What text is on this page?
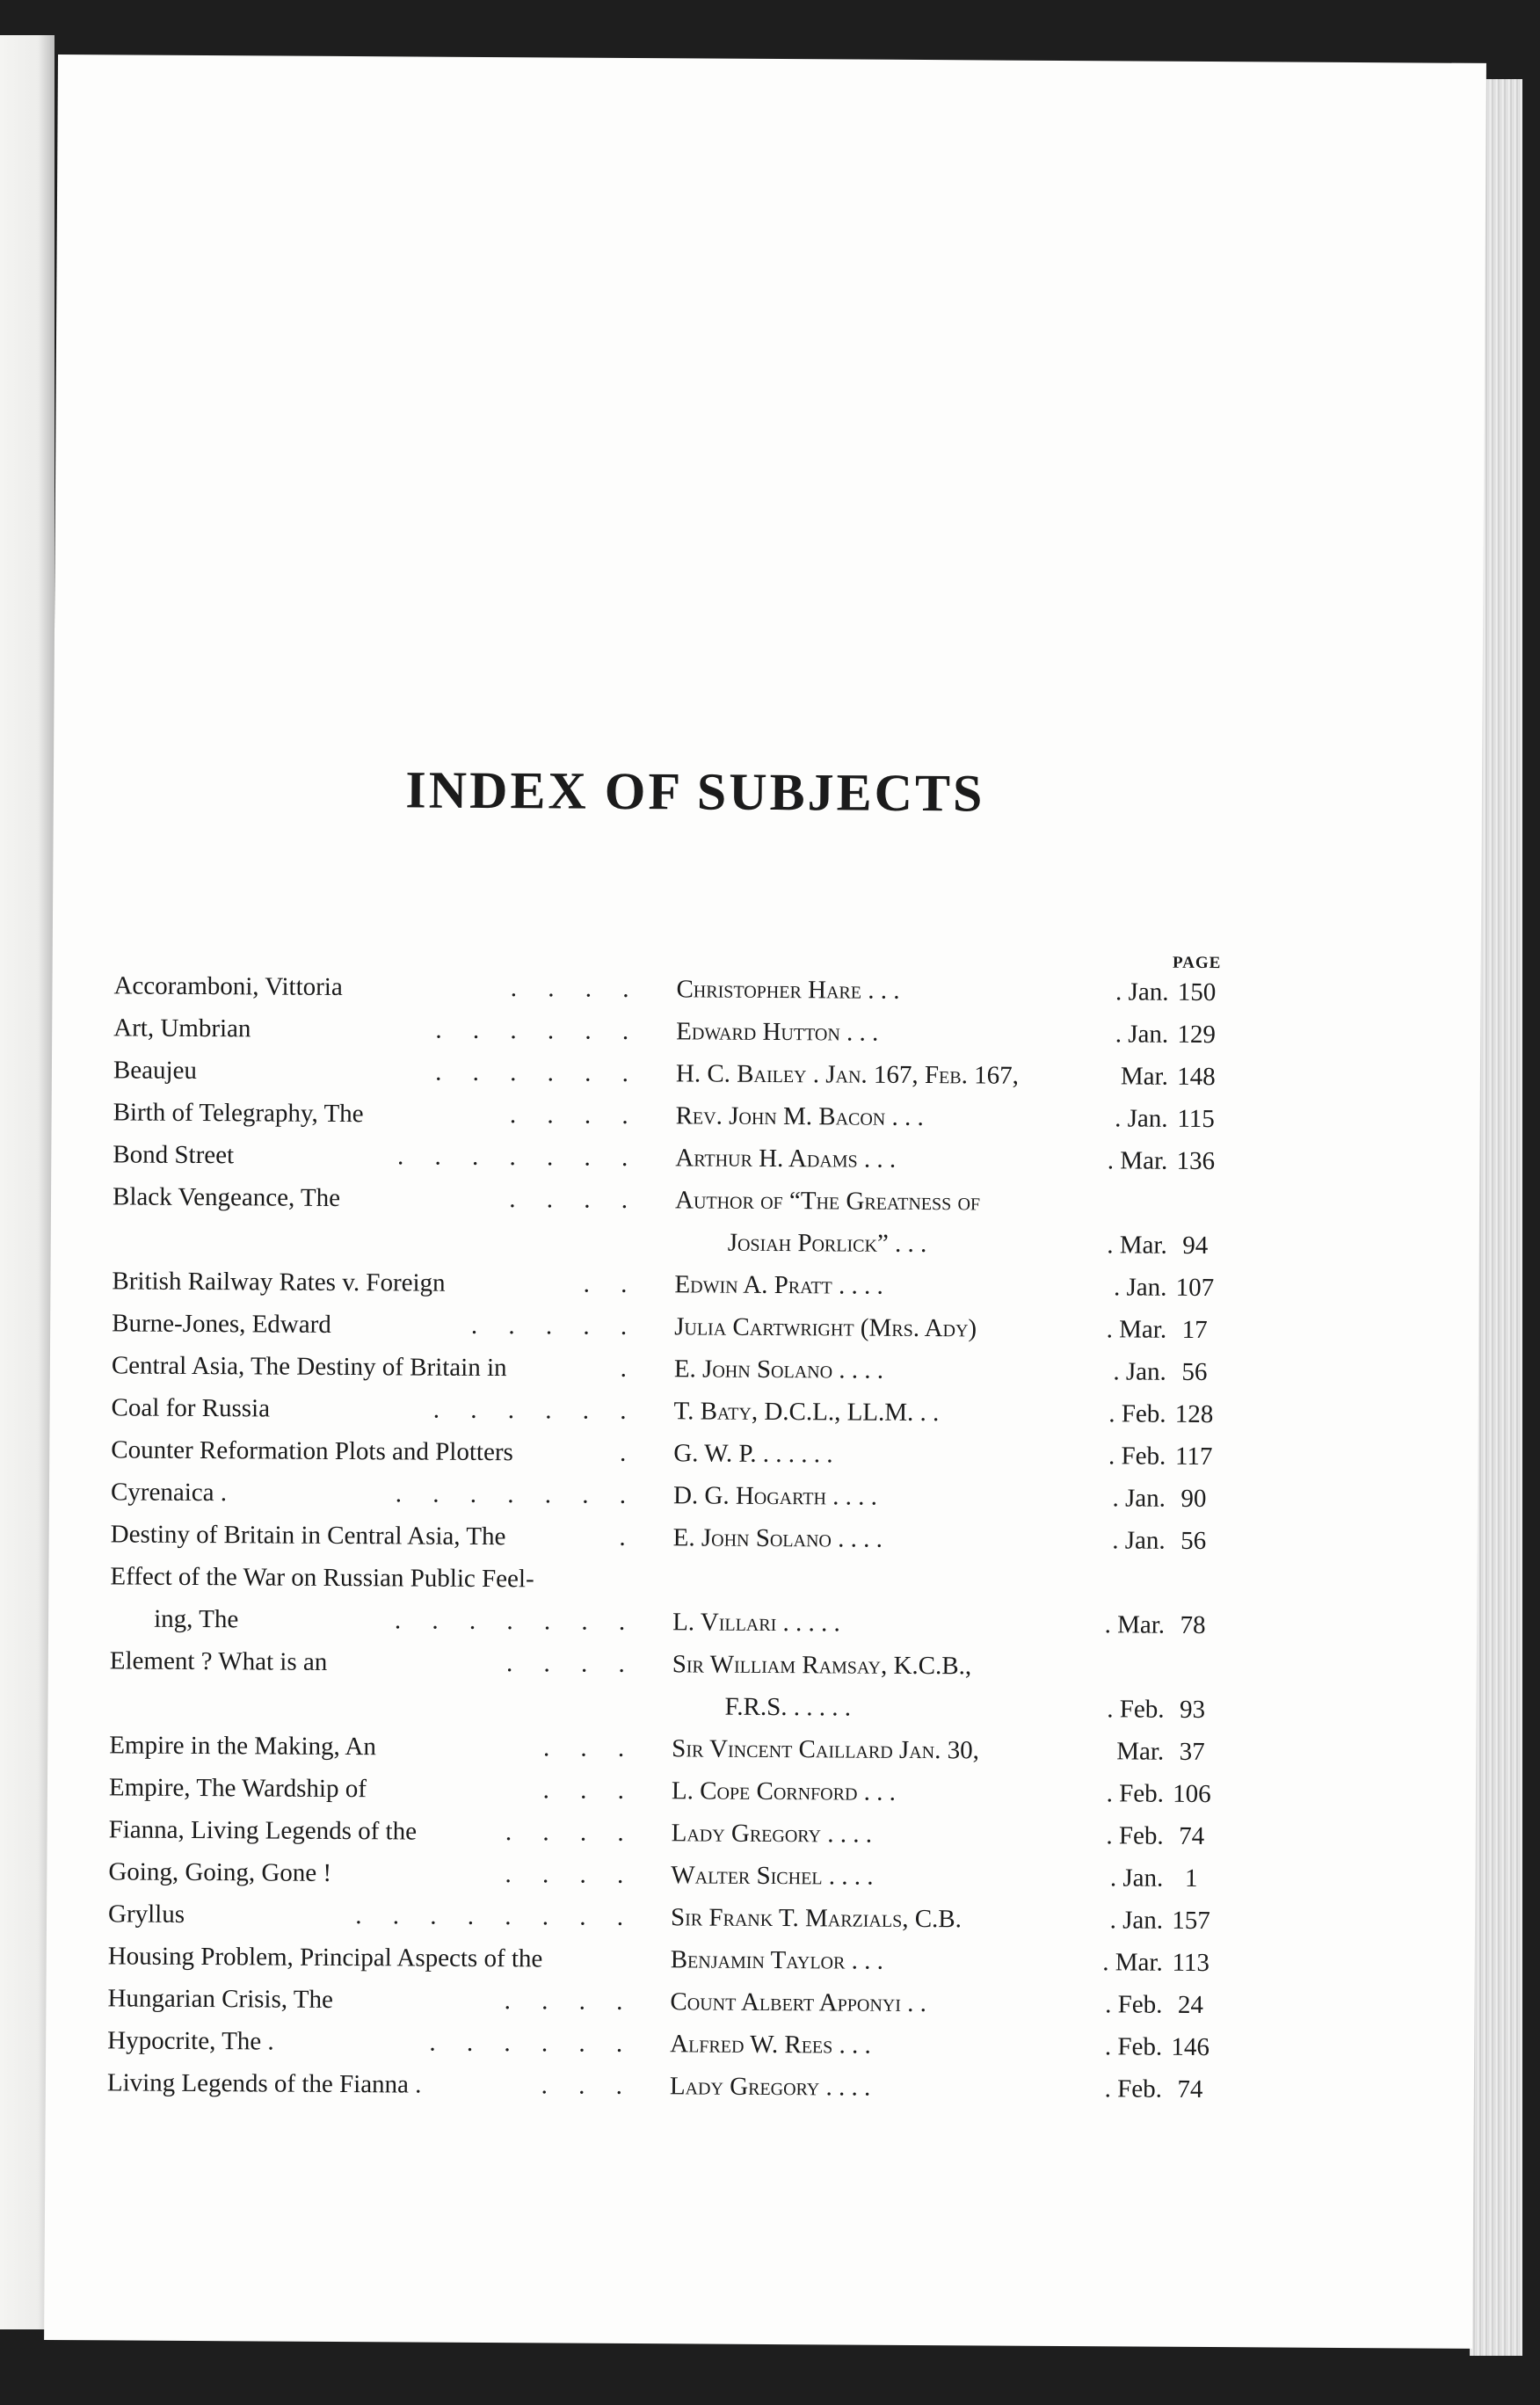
INDEX OF SUBJECTS
PAGE
Accoramboni, Vittoria	. . . . Christopher Hare . . .	. Jan. 150
Art, Umbrian	. . . . . . Edward Hutton . . .	. Jan. 129
Beaujeu	. . . . . . H. C. Bailey . Jan. 167, Feb. 167,	Mar. 148
Birth of Telegraphy, The	. . . . Rev. John M. Bacon . . .	. Jan. 115
Bond Street	. . . . . . . Arthur H. Adams . . .	. Mar. 136
Black Vengeance, The	. . . . Author of “The Greatness of
Josiah Porlick” . . .	. Mar. 94
British Railway Rates v. Foreign	. . Edwin A. Pratt . . . .	. Jan. 107
Burne-Jones, Edward	. . . . . Julia Cartwright (Mrs. Ady)	. Mar. 17
Central Asia, The Destiny of Britain in	. E. John Solano . . . .	. Jan. 56
Coal for Russia	. . . . . . T. Baty, D.C.L., LL.M. . .	. Feb. 128
Counter Reformation Plots and Plotters	. G. W. P. . . . . . .	. Feb. 117
Cyrenaica .	. . . . . . . D. G. Hogarth . . . .	. Jan. 90
Destiny of Britain in Central Asia, The	. E. John Solano . . . .	. Jan. 56
Effect of the War on Russian Public Feel-
ing, The	. . . . . . . L. Villari . . . . .	. Mar. 78
Element ? What is an	. . . . Sir William Ramsay, K.C.B.,
F.R.S. . . . . .	. Feb. 93
Empire in the Making, An	. . . Sir Vincent Caillard Jan. 30,	Mar. 37
Empire, The Wardship of	. . . L. Cope Cornford . . .	. Feb. 106
Fianna, Living Legends of the	. . . . Lady Gregory . . . .	. Feb. 74
Going, Going, Gone !	. . . . Walter Sichel . . . .	. Jan. 1
Gryllus	. . . . . . . . Sir Frank T. Marzials, C.B.	. Jan. 157
Housing Problem, Principal Aspects of the	Benjamin Taylor . . .	. Mar. 113
Hungarian Crisis, The	. . . . Count Albert Apponyi . .	. Feb. 24
Hypocrite, The .	. . . . . . Alfred W. Rees . . .	. Feb. 146
Living Legends of the Fianna .	. . . Lady Gregory . . . .	. Feb. 74
